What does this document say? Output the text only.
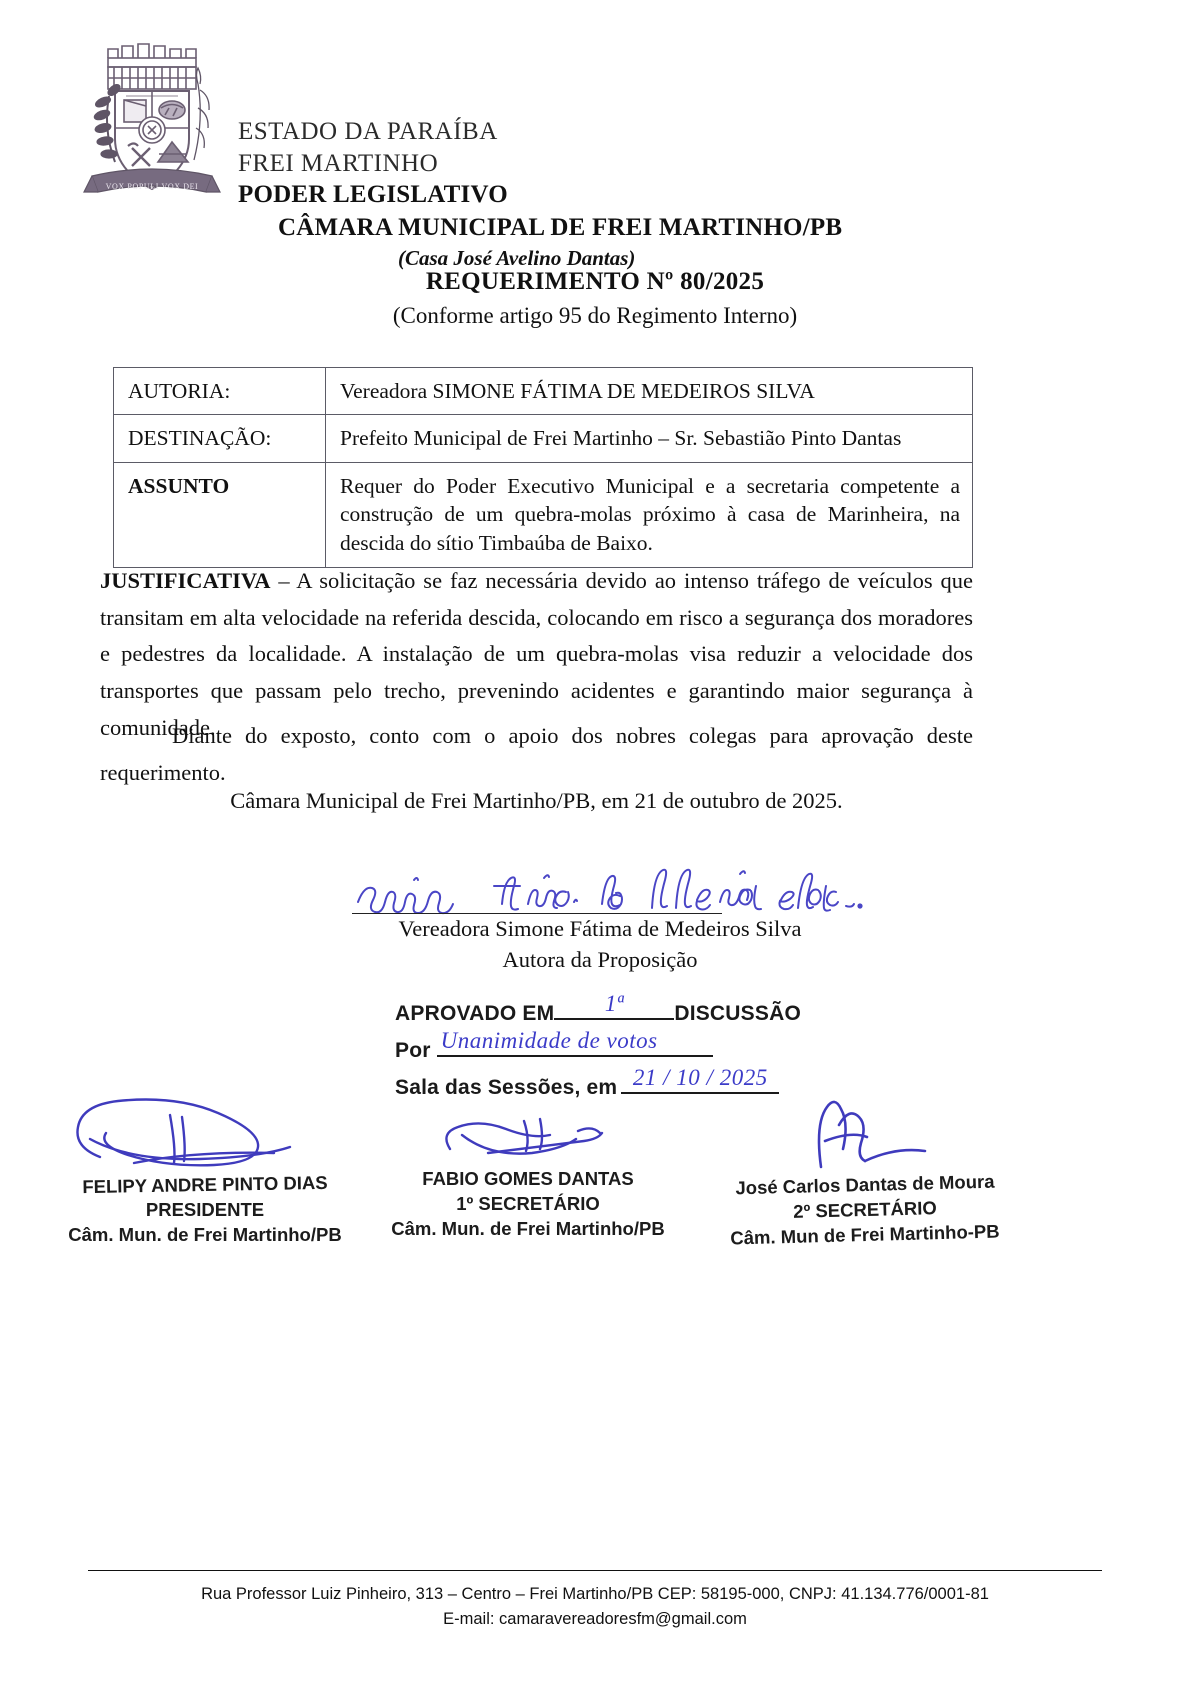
VOX POPULI VOX DEI
ESTADO DA PARAÍBA
FREI MARTINHO
PODER LEGISLATIVO
CÂMARA MUNICIPAL DE FREI MARTINHO/PB
(Casa José Avelino Dantas)
REQUERIMENTO Nº 80/2025
(Conforme artigo 95 do Regimento Interno)
AUTORIA:	Vereadora SIMONE FÁTIMA DE MEDEIROS SILVA
DESTINAÇÃO:	Prefeito Municipal de Frei Martinho – Sr. Sebastião Pinto Dantas
ASSUNTO	Requer do Poder Executivo Municipal e a secretaria competente a construção de um quebra-molas próximo à casa de Marinheira, na descida do sítio Timbaúba de Baixo.
JUSTIFICATIVA – A solicitação se faz necessária devido ao intenso tráfego de veículos que transitam em alta velocidade na referida descida, colocando em risco a segurança dos moradores e pedestres da localidade. A instalação de um quebra-molas visa reduzir a velocidade dos transportes que passam pelo trecho, prevenindo acidentes e garantindo maior segurança à comunidade.
Diante do exposto, conto com o apoio dos nobres colegas para aprovação deste requerimento.
Câmara Municipal de Frei Martinho/PB, em 21 de outubro de 2025.
Vereadora Simone Fátima de Medeiros Silva
Autora da Proposição
APROVADO EM	1ª	DISCUSSÃO
Por Unanimidade de votos
Sala das Sessões, em 21 / 10 / 2025
FELIPY ANDRE PINTO DIAS
PRESIDENTE
Câm. Mun. de Frei Martinho/PB
FABIO GOMES DANTAS
1º SECRETÁRIO
Câm. Mun. de Frei Martinho/PB
José Carlos Dantas de Moura
2º SECRETÁRIO
Câm. Mun de Frei Martinho-PB
Rua Professor Luiz Pinheiro, 313 – Centro – Frei Martinho/PB CEP: 58195-000, CNPJ: 41.134.776/0001-81
E-mail: camaravereadoresfm@gmail.com
